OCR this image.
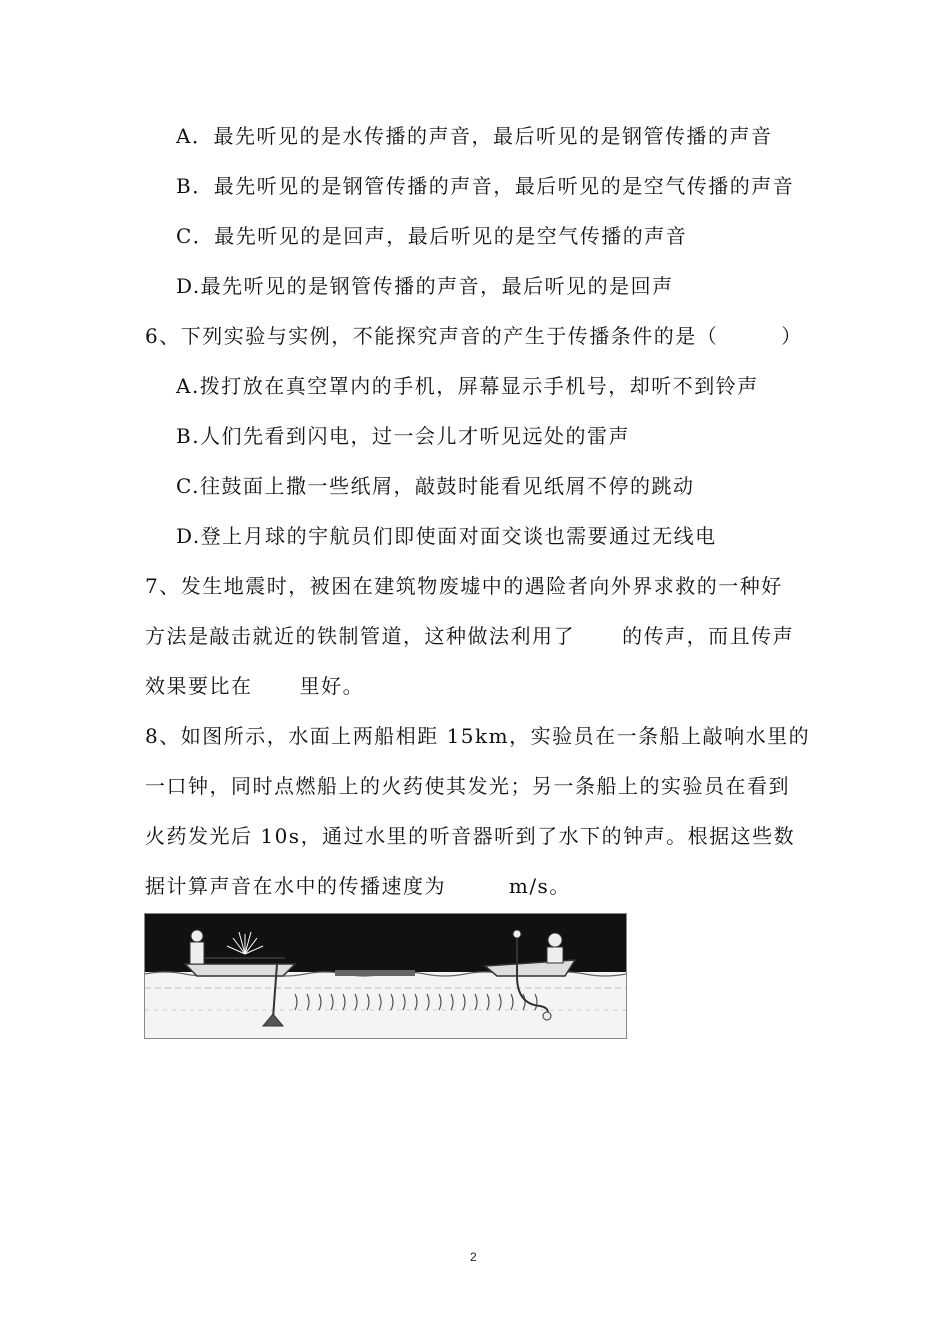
A．最先听见的是水传播的声音，最后听见的是钢管传播的声音
B．最先听见的是钢管传播的声音，最后听见的是空气传播的声音
C．最先听见的是回声，最后听见的是空气传播的声音
D.最先听见的是钢管传播的声音，最后听见的是回声
6、下列实验与实例，不能探究声音的产生于传播条件的是（        ）
A.拨打放在真空罩内的手机，屏幕显示手机号，却听不到铃声
B.人们先看到闪电，过一会儿才听见远处的雷声
C.往鼓面上撒一些纸屑，敲鼓时能看见纸屑不停的跳动
D.登上月球的宇航员们即使面对面交谈也需要通过无线电
7、发生地震时，被困在建筑物废墟中的遇险者向外界求救的一种好
方法是敲击就近的铁制管道，这种做法利用了      的传声，而且传声
效果要比在      里好。
8、如图所示，水面上两船相距 15km，实验员在一条船上敲响水里的
一口钟，同时点燃船上的火药使其发光；另一条船上的实验员在看到
火药发光后 10s，通过水里的听音器听到了水下的钟声。根据这些数
据计算声音在水中的传播速度为        m/s。
2
